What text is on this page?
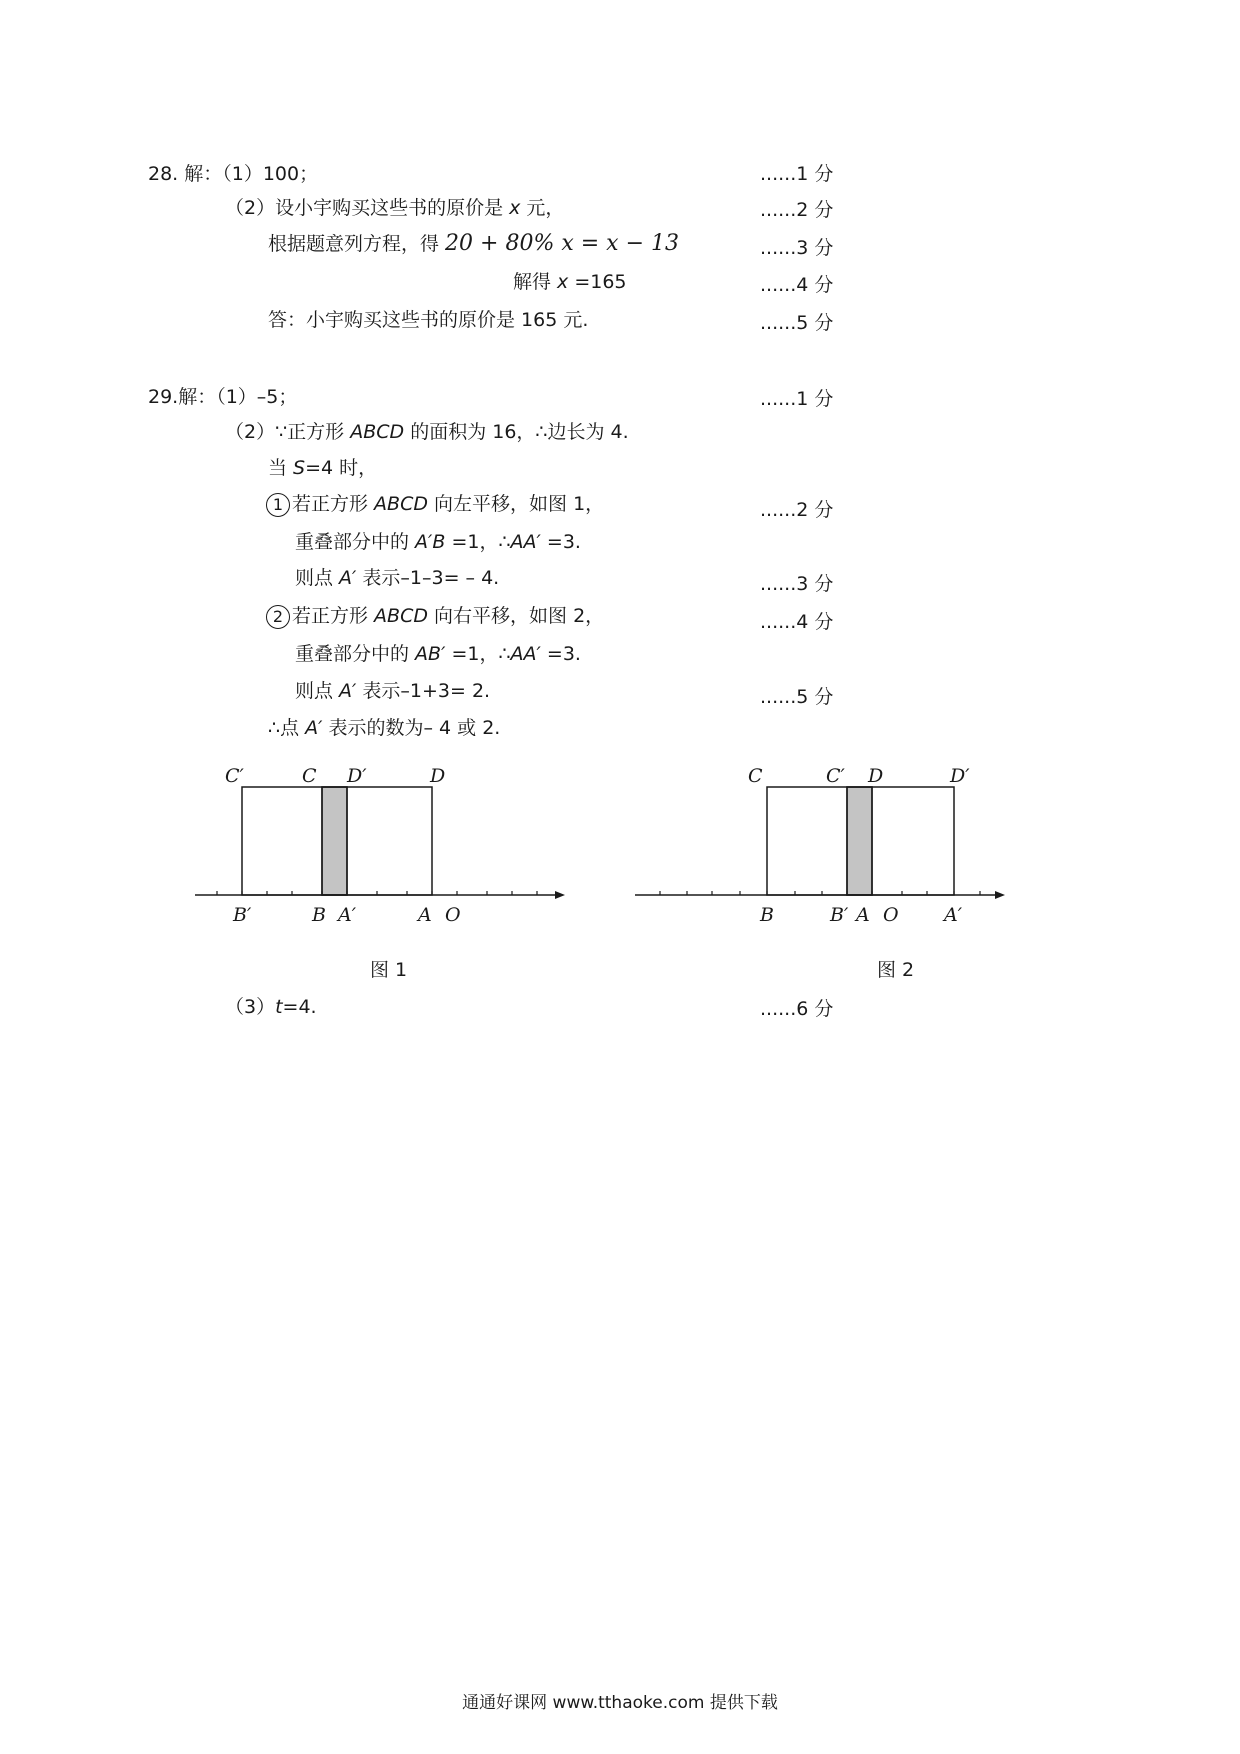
28. 解：（1）100；	......1 分
（2）设小宇购买这些书的原价是 x 元，	......2 分
根据题意列方程，得 20 + 80% x = x − 13	......3 分
解得 x =165	......4 分
答：小宇购买这些书的原价是 165 元.	......5 分
29.解：（1）–5；	......1 分
（2）∵正方形 ABCD 的面积为 16，∴边长为 4.
当 S=4 时，
1 若正方形 ABCD 向左平移，如图 1，	......2 分
重叠部分中的 A′B =1，∴AA′ =3.
则点 A′ 表示–1–3= – 4.	......3 分
2 若正方形 ABCD 向右平移，如图 2，	......4 分
重叠部分中的 AB′ =1，∴AA′ =3.
则点 A′ 表示–1+3= 2.	......5 分
∴点 A′ 表示的数为– 4 或 2.
C′	C D′	D
B′	B A′	A O
图 1
C	C′ D	D′
B	B′ A O A′
图 2
（3）t=4.	......6 分
通通好课网 www.tthaoke.com 提供下载
